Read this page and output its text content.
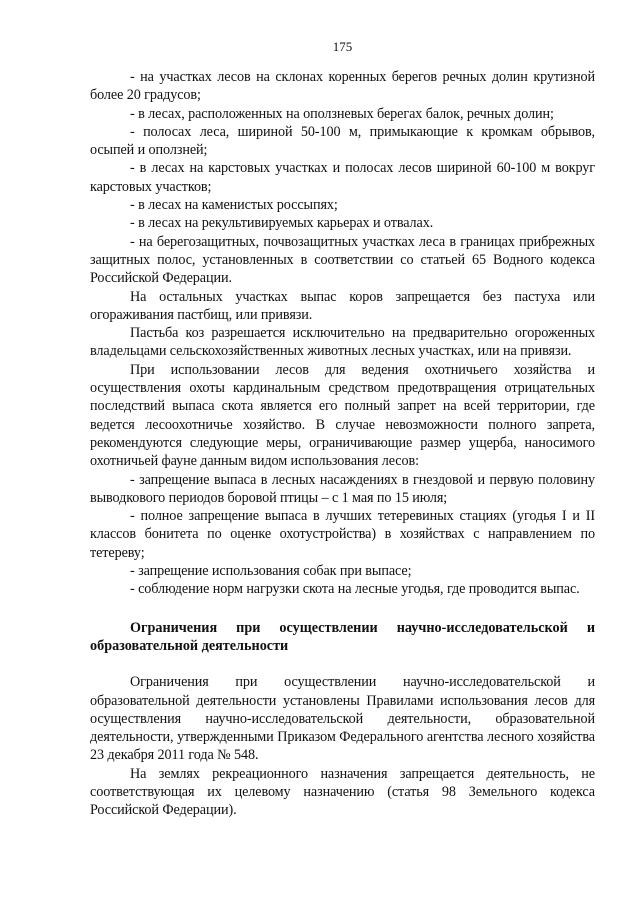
175

- на участках лесов на склонах коренных берегов речных долин крутизной более 20 градусов;

- в лесах, расположенных на оползневых берегах балок, речных долин;

- полосах леса, шириной 50-100 м, примыкающие к кромкам обрывов, осыпей и оползней;

- в лесах на карстовых участках и полосах лесов шириной 60-100 м вокруг карстовых участков;

- в лесах на каменистых россыпях;

- в лесах на рекультивируемых карьерах и отвалах.

- на берегозащитных, почвозащитных участках леса в границах прибрежных защитных полос, установленных в соответствии со статьей 65 Водного кодекса Российской Федерации.

На остальных участках выпас коров запрещается без пастуха или огораживания пастбищ, или привязи.

Пастьба коз разрешается исключительно на предварительно огороженных владельцами сельскохозяйственных животных лесных участках, или на привязи.

При использовании лесов для ведения охотничьего хозяйства и осуществления охоты кардинальным средством предотвращения отрицательных последствий выпаса скота является его полный запрет на всей территории, где ведется лесоохотничье хозяйство. В случае невозможности полного запрета, рекомендуются следующие меры, ограничивающие размер ущерба, наносимого охотничьей фауне данным видом использования лесов:

- запрещение выпаса в лесных насаждениях в гнездовой и первую половину выводкового периодов боровой птицы – с 1 мая по 15 июля;

- полное запрещение выпаса в лучших тетеревиных стациях (угодья I и II классов бонитета по оценке охотустройства) в хозяйствах с направлением по тетереву;

- запрещение использования собак при выпасе;

- соблюдение норм нагрузки скота на лесные угодья, где проводится выпас.

Ограничения при осуществлении научно-исследовательской и образовательной деятельности

Ограничения при осуществлении научно-исследовательской и образовательной деятельности установлены Правилами использования лесов для осуществления научно-исследовательской деятельности, образовательной деятельности, утвержденными Приказом Федерального агентства лесного хозяйства 23 декабря 2011 года № 548.

На землях рекреационного назначения запрещается деятельность, не соответствующая их целевому назначению (статья 98 Земельного кодекса Российской Федерации).
